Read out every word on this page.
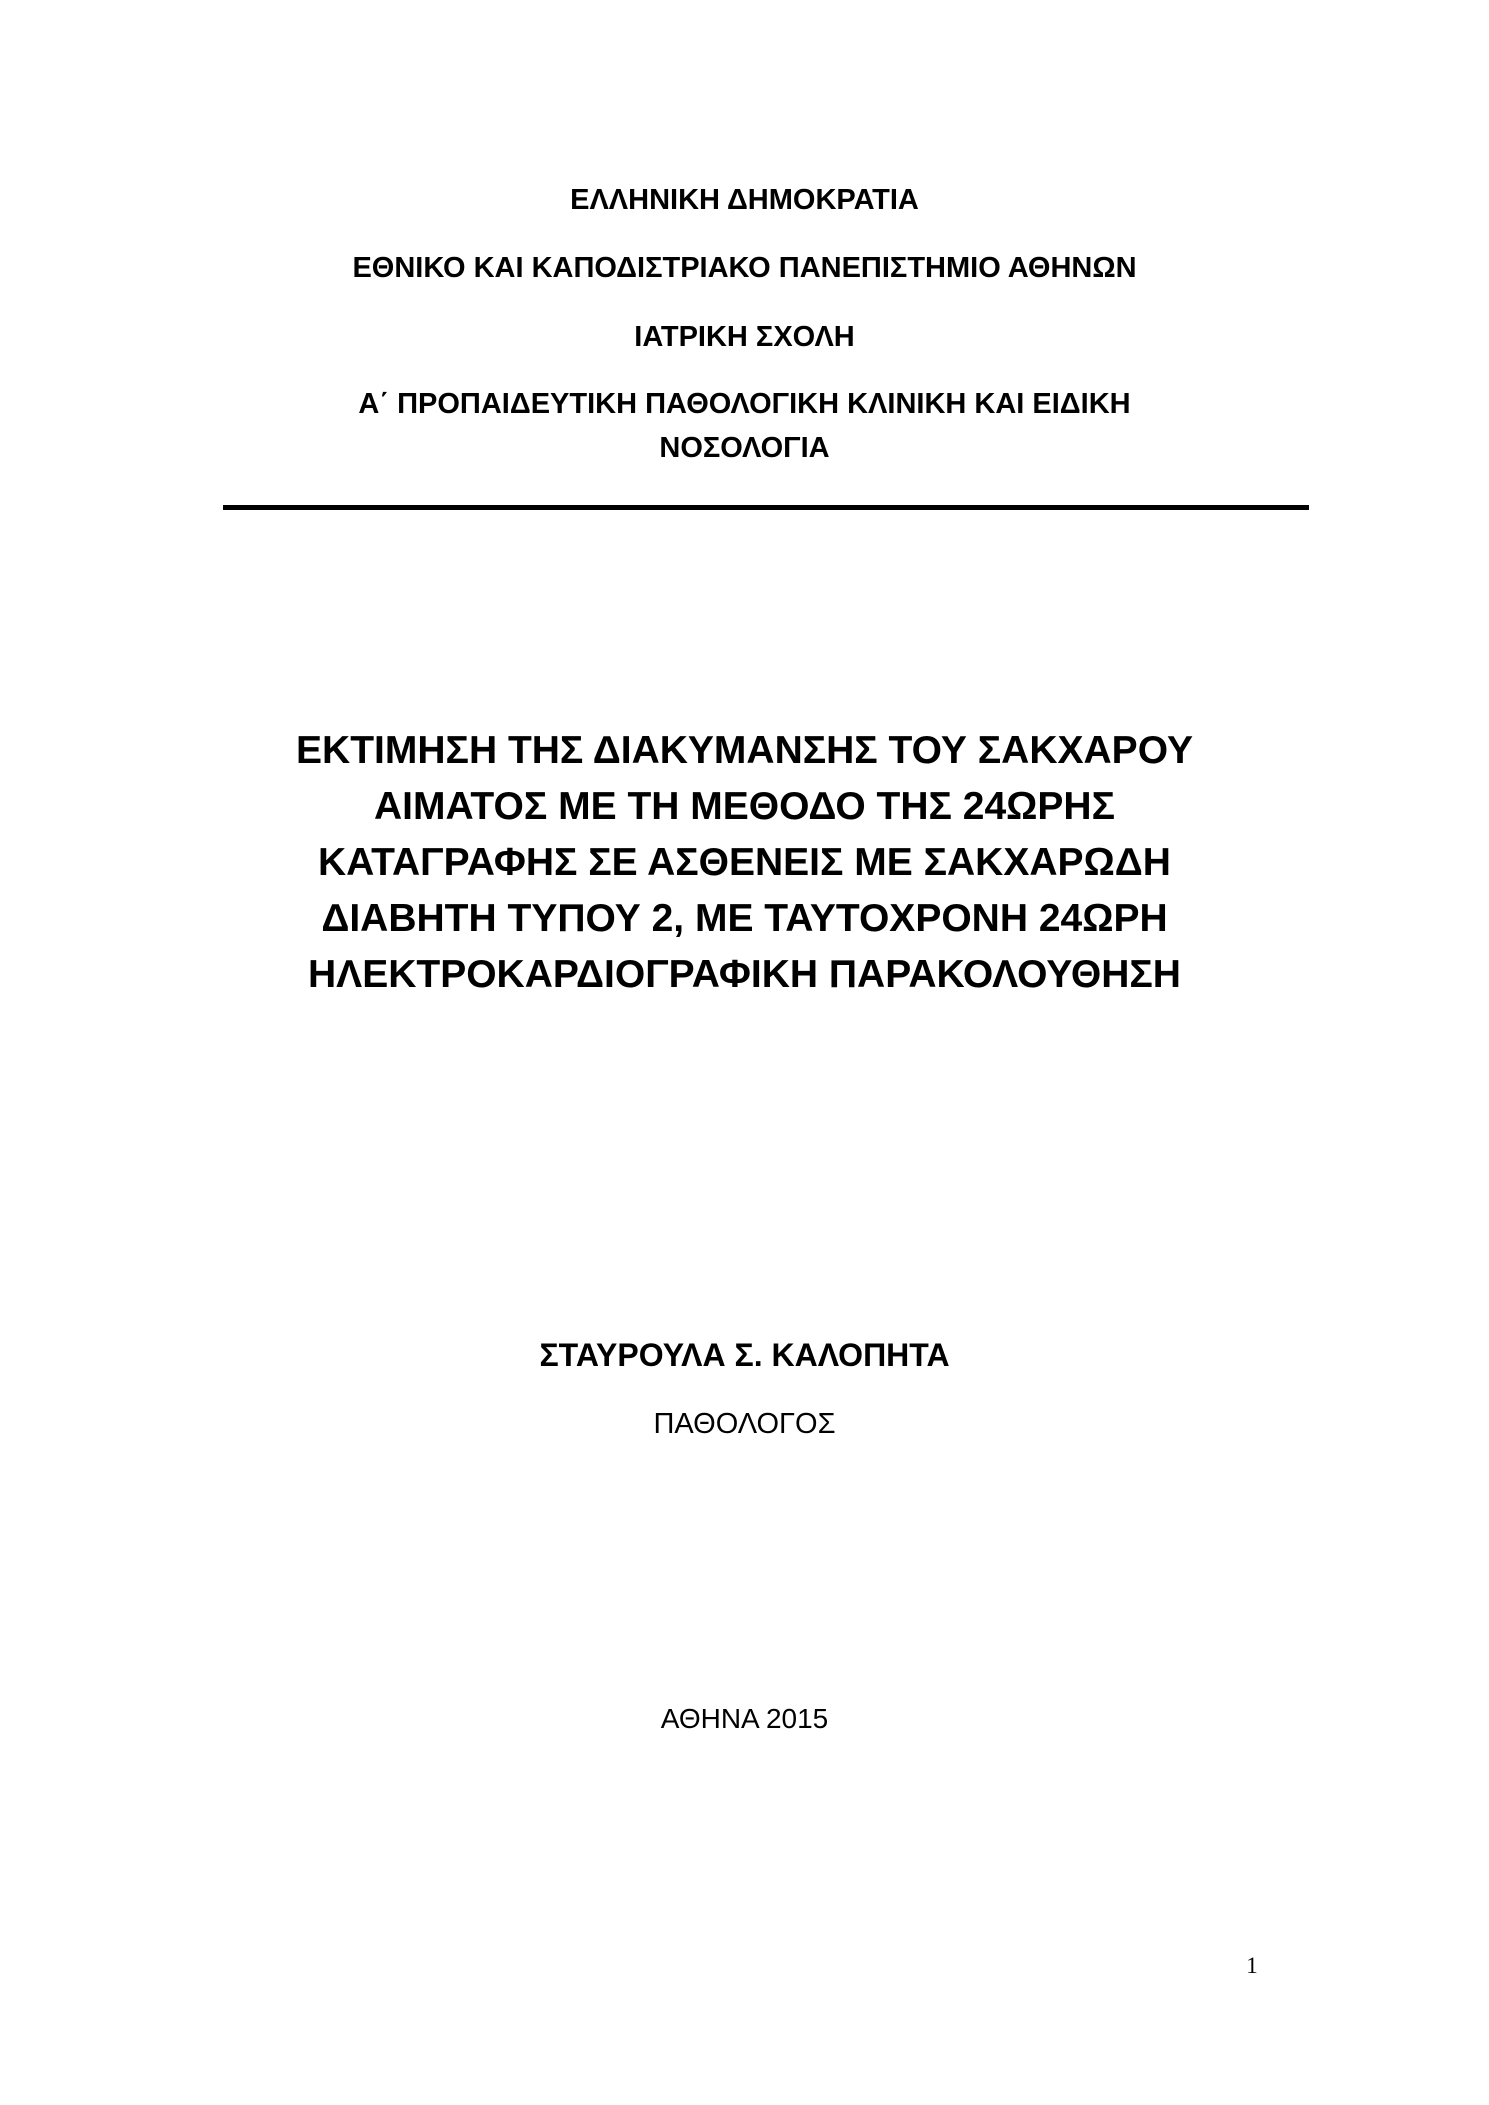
ΕΛΛΗΝΙΚΗ ΔΗΜΟΚΡΑΤΙΑ
ΕΘΝΙΚΟ ΚΑΙ ΚΑΠΟΔΙΣΤΡΙΑΚΟ ΠΑΝΕΠΙΣΤΗΜΙΟ ΑΘΗΝΩΝ
ΙΑΤΡΙΚΗ ΣΧΟΛΗ
Α΄ ΠΡΟΠΑΙΔΕΥΤΙΚΗ ΠΑΘΟΛΟΓΙΚΗ ΚΛΙΝΙΚΗ ΚΑΙ ΕΙΔΙΚΗ
ΝΟΣΟΛΟΓΙΑ
ΕΚΤΙΜΗΣΗ ΤΗΣ ΔΙΑΚΥΜΑΝΣΗΣ ΤΟΥ ΣΑΚΧΑΡΟΥ
ΑΙΜΑΤΟΣ ΜΕ ΤΗ ΜΕΘΟΔΟ ΤΗΣ 24ΩΡΗΣ
ΚΑΤΑΓΡΑΦΗΣ ΣΕ ΑΣΘΕΝΕΙΣ ΜΕ ΣΑΚΧΑΡΩΔΗ
ΔΙΑΒΗΤΗ ΤΥΠΟΥ 2, ΜΕ ΤΑΥΤΟΧΡΟΝΗ 24ΩΡΗ
ΗΛΕΚΤΡΟΚΑΡΔΙΟΓΡΑΦΙΚΗ ΠΑΡΑΚΟΛΟΥΘΗΣΗ
ΣΤΑΥΡΟΥΛΑ Σ. ΚΑΛΟΠΗΤΑ
ΠΑΘΟΛΟΓΟΣ
ΑΘΗΝΑ 2015
1
